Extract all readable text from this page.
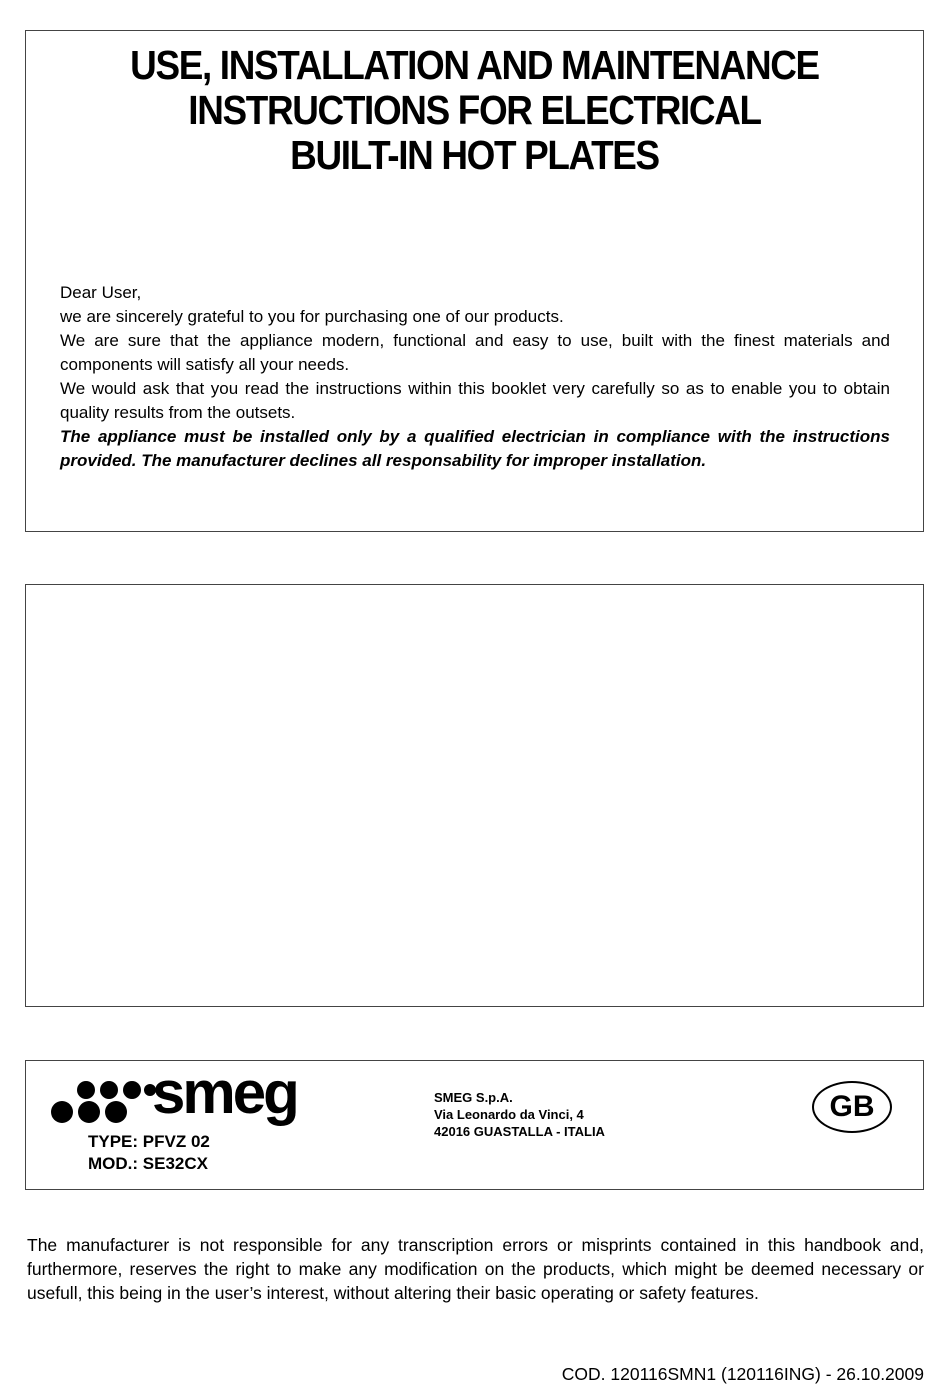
USE, INSTALLATION AND MAINTENANCE
INSTRUCTIONS FOR ELECTRICAL
BUILT-IN HOT PLATES
Dear User,
we are sincerely grateful to you for purchasing one of our products.
We are sure that the appliance modern, functional and easy to use, built with the finest materials and components will satisfy all your needs.
We would ask that you read the instructions within this booklet very carefully so as to enable you to obtain quality results from the outsets.
The appliance must be installed only by a qualified electrician in compliance with the instructions provided. The manufacturer declines all responsability for improper installation.
smeg
TYPE: PFVZ 02
MOD.: SE32CX
SMEG S.p.A.
Via Leonardo da Vinci, 4
42016 GUASTALLA - ITALIA
GB
The manufacturer is not responsible for any transcription errors or misprints contained in this handbook and, furthermore, reserves the right to make any modification on the products, which might be deemed necessary or usefull, this being in the user’s interest, without altering their basic operating or safety features.
COD. 120116SMN1 (120116ING) - 26.10.2009
